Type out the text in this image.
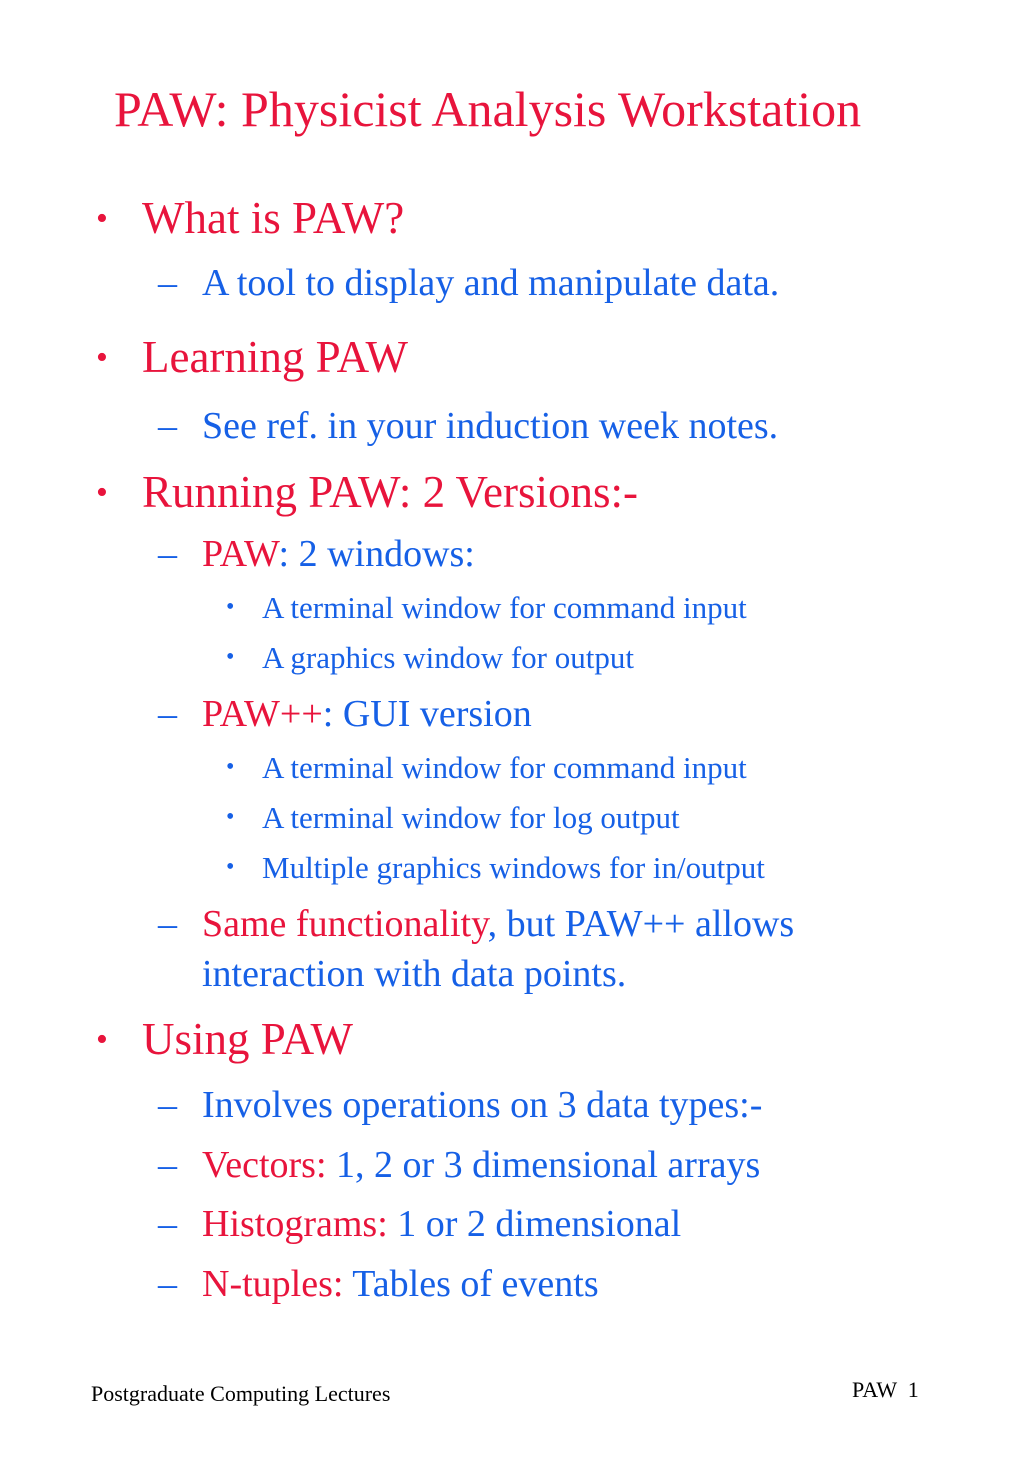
PAW: Physicist Analysis Workstation
• What is PAW?
– A tool to display and manipulate data.
• Learning PAW
– See ref. in your induction week notes.
• Running PAW: 2 Versions:-
– PAW: 2 windows:
• A terminal window for command input
• A graphics window for output
– PAW++: GUI version
• A terminal window for command input
• A terminal window for log output
• Multiple graphics windows for in/output
– Same functionality, but PAW++ allows
interaction with data points.
• Using PAW
– Involves operations on 3 data types:-
– Vectors: 1, 2 or 3 dimensional arrays
– Histograms: 1 or 2 dimensional
– N-tuples: Tables of events
Postgraduate Computing Lectures	PAW  1
